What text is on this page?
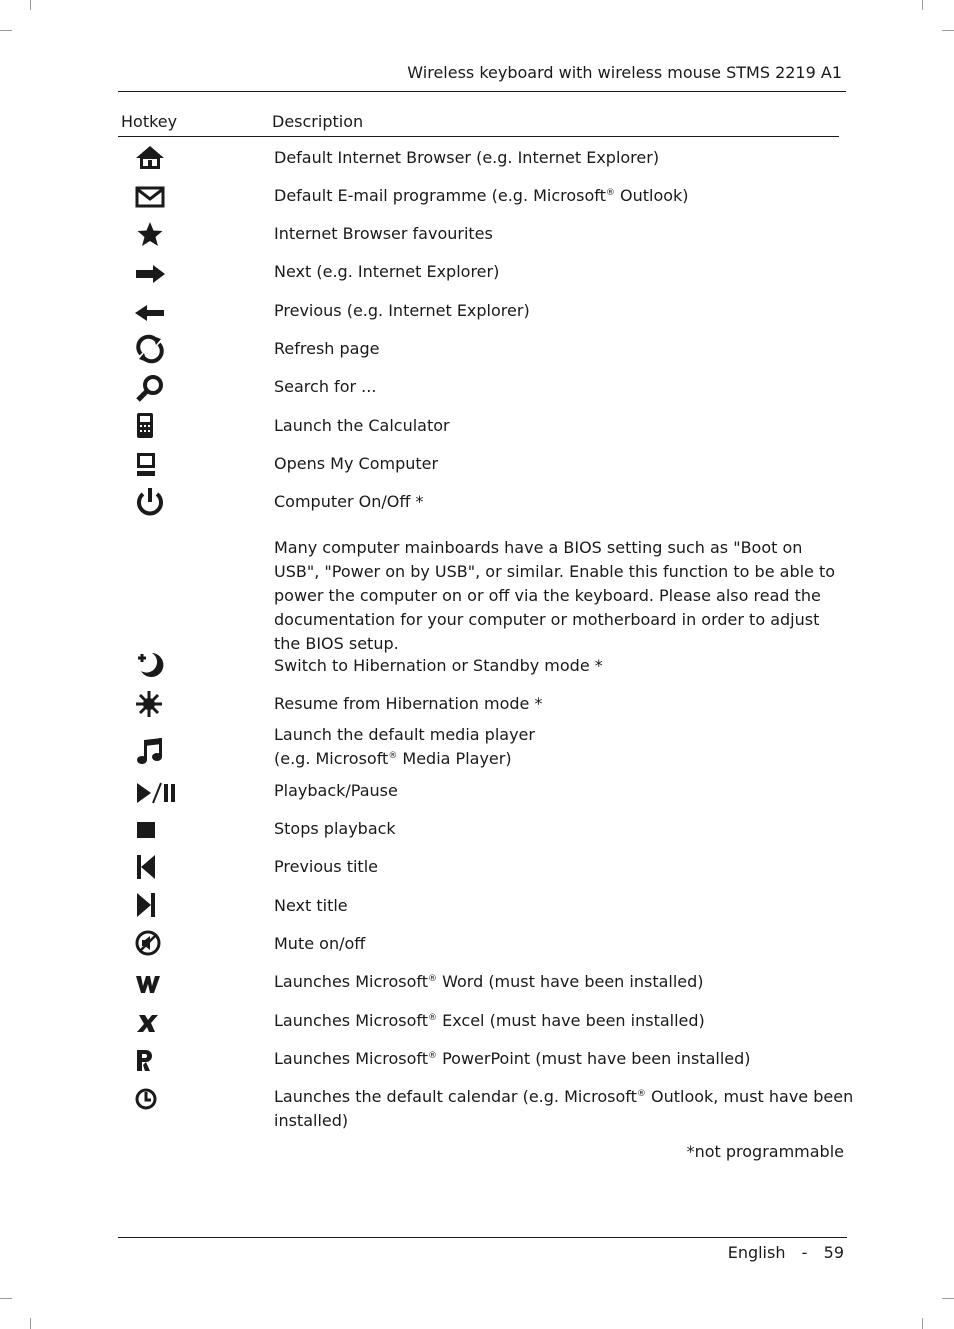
Wireless keyboard with wireless mouse STMS 2219 A1
Hotkey	Description
Default Internet Browser (e.g. Internet Explorer)
Default E-mail programme (e.g. Microsoft® Outlook)
Internet Browser favourites
Next (e.g. Internet Explorer)
Previous (e.g. Internet Explorer)
Refresh page
Search for ...
Launch the Calculator
Opens My Computer
Computer On/Off *
Many computer mainboards have a BIOS setting such as "Boot on USB", "Power on by USB", or similar. Enable this function to be able to power the computer on or off via the keyboard. Please also read the documentation for your computer or motherboard in order to adjust the BIOS setup.
Switch to Hibernation or Standby mode *
Resume from Hibernation mode *
Launch the default media player
(e.g. Microsoft® Media Player)
Playback/Pause
Stops playback
Previous title
Next title
Mute on/off
Launches Microsoft® Word (must have been installed)
Launches Microsoft® Excel (must have been installed)
Launches Microsoft® PowerPoint (must have been installed)
Launches the default calendar (e.g. Microsoft® Outlook, must have been
installed)
*not programmable
English - 59
